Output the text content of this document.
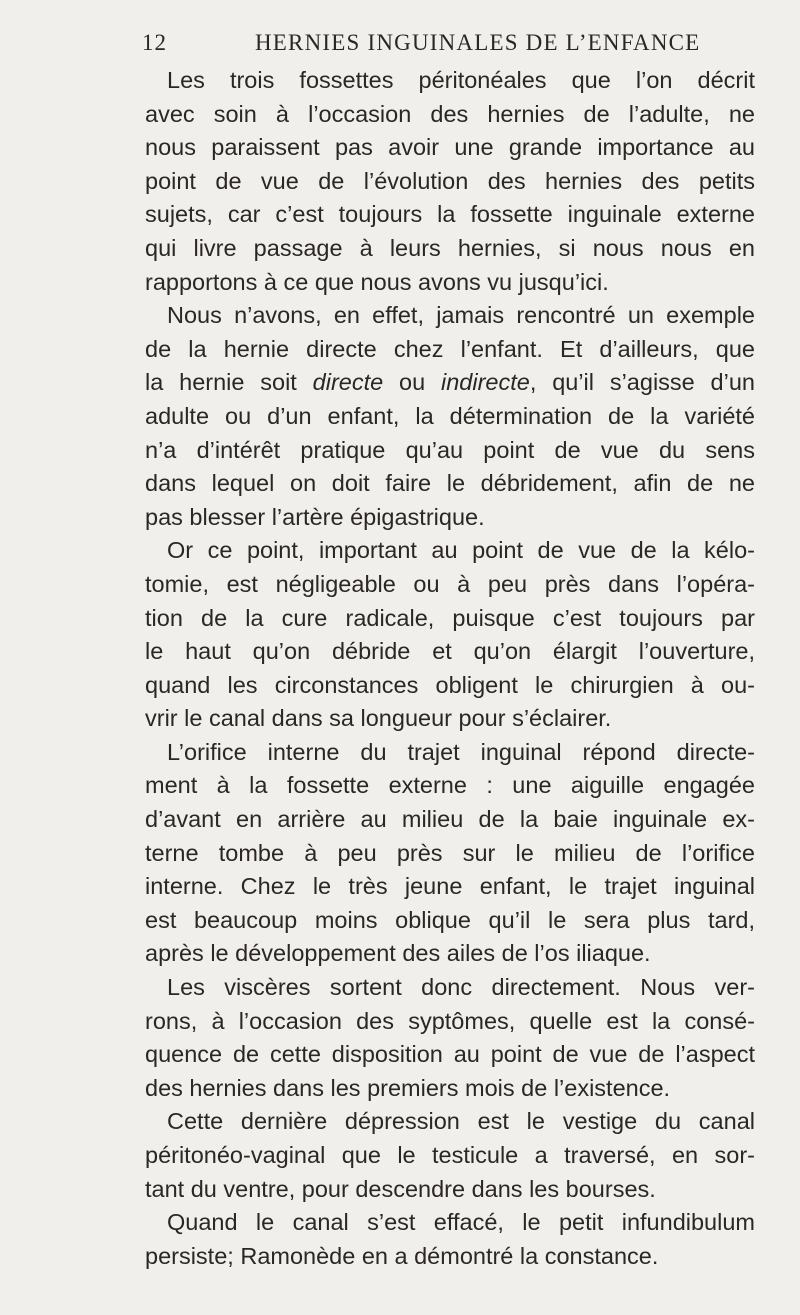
12	HERNIES INGUINALES DE L’ENFANCE
Les trois fossettes péritonéales que l’on décrit
avec soin à l’occasion des hernies de l’adulte, ne
nous paraissent pas avoir une grande importance au
point de vue de l’évolution des hernies des petits
sujets, car c’est toujours la fossette inguinale externe
qui livre passage à leurs hernies, si nous nous en
rapportons à ce que nous avons vu jusqu’ici.
Nous n’avons, en effet, jamais rencontré un exemple
de la hernie directe chez l’enfant. Et d’ailleurs, que
la hernie soit directe ou indirecte, qu’il s’agisse d’un
adulte ou d’un enfant, la détermination de la variété
n’a d’intérêt pratique qu’au point de vue du sens
dans lequel on doit faire le débridement, afin de ne
pas blesser l’artère épigastrique.
Or ce point, important au point de vue de la kélo-
tomie, est négligeable ou à peu près dans l’opéra-
tion de la cure radicale, puisque c’est toujours par
le haut qu’on débride et qu’on élargit l’ouverture,
quand les circonstances obligent le chirurgien à ou-
vrir le canal dans sa longueur pour s’éclairer.
L’orifice interne du trajet inguinal répond directe-
ment à la fossette externe : une aiguille engagée
d’avant en arrière au milieu de la baie inguinale ex-
terne tombe à peu près sur le milieu de l’orifice
interne. Chez le très jeune enfant, le trajet inguinal
est beaucoup moins oblique qu’il le sera plus tard,
après le développement des ailes de l’os iliaque.
Les viscères sortent donc directement. Nous ver-
rons, à l’occasion des syptômes, quelle est la consé-
quence de cette disposition au point de vue de l’aspect
des hernies dans les premiers mois de l’existence.
Cette dernière dépression est le vestige du canal
péritonéo-vaginal que le testicule a traversé, en sor-
tant du ventre, pour descendre dans les bourses.
Quand le canal s’est effacé, le petit infundibulum
persiste; Ramonède en a démontré la constance.
